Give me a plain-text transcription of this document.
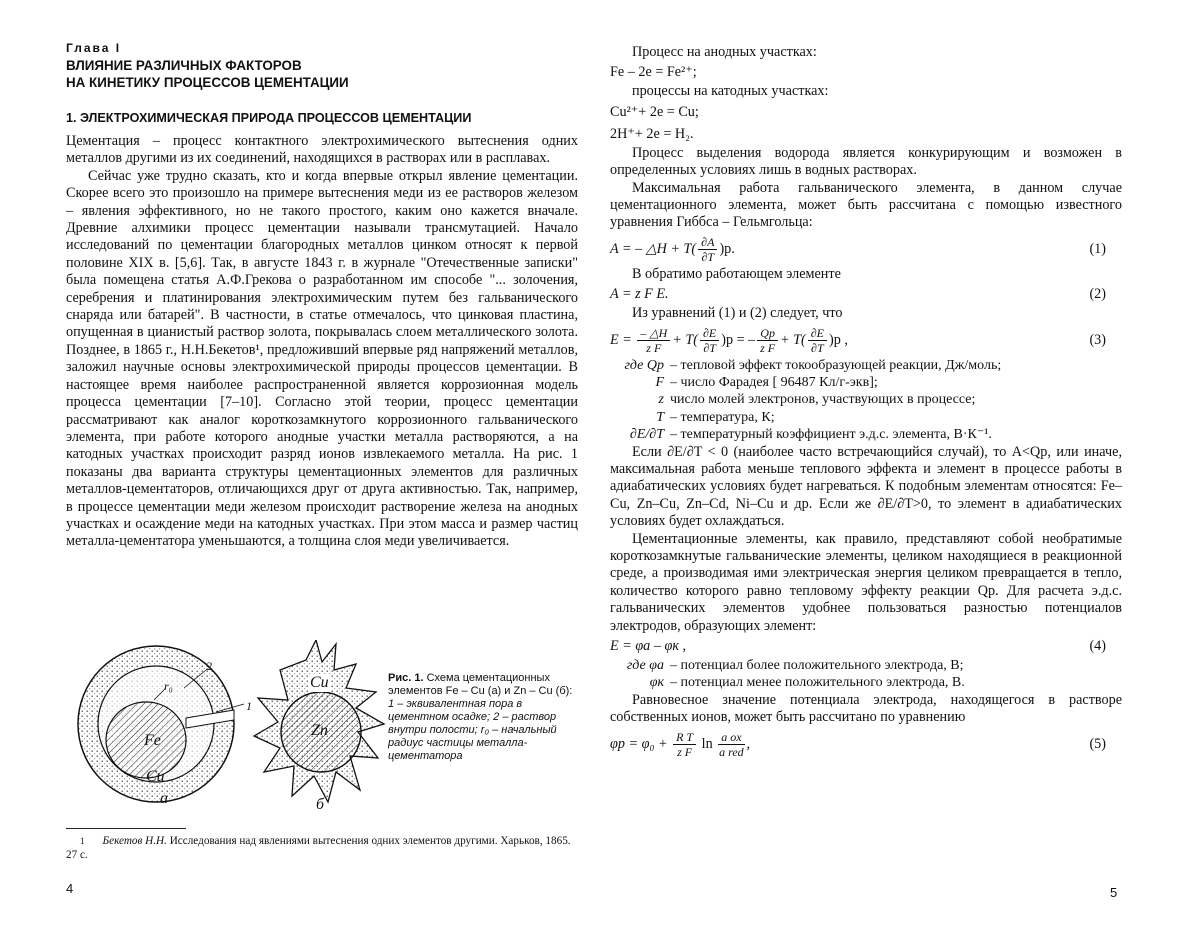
Глава I
ВЛИЯНИЕ РАЗЛИЧНЫХ ФАКТОРОВ
НА КИНЕТИКУ ПРОЦЕССОВ ЦЕМЕНТАЦИИ
1. ЭЛЕКТРОХИМИЧЕСКАЯ ПРИРОДА ПРОЦЕССОВ ЦЕМЕНТАЦИИ

Цементация – процесс контактного электрохимического вытеснения одних металлов другими из их соединений, находящихся в растворах или в расплавах.

Сейчас уже трудно сказать, кто и когда впервые открыл явление цементации. Скорее всего это произошло на примере вытеснения меди из ее растворов железом – явления эффективного, но не такого простого, каким оно кажется вначале. Древние алхимики процесс цементации называли трансмутацией. Начало исследований по цементации благородных металлов цинком относят к первой половине XIX в. [5,6]. Так, в августе 1843 г. в журнале "Отечественные записки" была помещена статья А.Ф.Грекова о разработанном им способе "... золочения, серебрения и платинирования электрохимическим путем без гальванического снаряда или батарей". В частности, в статье отмечалось, что цинковая пластина, опущенная в цианистый раствор золота, покрывалась слоем металлического золота. Позднее, в 1865 г., Н.Н.Бекетов¹, предложивший впервые ряд напряжений металлов, заложил научные основы электрохимической природы процессов цементации. В настоящее время наиболее распространенной является коррозионная модель процесса цементации [7–10]. Согласно этой теории, процесс цементации рассматривают как аналог короткозамкнутого коррозионного гальванического элемента, при работе которого анодные участки металла растворяются, а на катодных участках происходит разряд ионов извлекаемого металла. На рис. 1 показаны два варианта структуры цементационных элементов для различных металлов-цементаторов, отличающихся друг от друга активностью. Так, например, в процессе цементации меди железом происходит растворение железа на анодных участках и осаждение меди на катодных участках. При этом масса и размер частиц металла-цементатора уменьшаются, а толщина слоя меди увеличивается.

Fe
Cu
Zn
Cu
2
1
r₀
а	б
Рис. 1. Схема цементационных элементов Fe – Cu (а) и Zn – Cu (б): 1 – эквивалентная пора в цементном осадке; 2 – раствор внутри полости; r₀ – начальный радиус частицы металла-цементатора
$^1$ Бекетов Н.Н. Исследования над явлениями вытеснения одних элементов другими. Харьков, 1865. 27 с.
4

Процесс на анодных участках:

Fe – 2e = Fe²⁺;

процессы на катодных участках:

Cu²⁺+ 2e = Cu;
2H⁺+ 2e = H₂.

Процесс выделения водорода является конкурирующим и возможен в определенных условиях лишь в водных растворах.

Максимальная работа гальванического элемента, в данном случае цементационного элемента, может быть рассчитана с помощью известного уравнения Гиббса – Гельмгольца:

A = – △H + $T( \frac{\partial A}{\partial T} )p$.	(1)

В обратимо работающем элементе

A = z F E.	(2)

Из уравнений (1) и (2) следует, что

$E = \frac{- \triangle H}{\text{z F}} + T( \frac{\partial E}{\partial T} )p$ = – $\frac{Qp}{\text{z F}} + T( \frac{\partial E}{\partial T} )p$ ,	(3)
где Qp – тепловой эффект токообразующей реакции, Дж/моль;
F – число Фарадея [ 96487 Кл/г-экв];
z число молей электронов, участвующих в процессе;
T – температура, К;
∂E/∂T – температурный коэффициент э.д.с. элемента, В·К⁻¹.

Если ∂E/∂T < 0 (наиболее часто встречающийся случай), то A<Qp, или иначе, максимальная работа меньше теплового эффекта и элемент в процессе работы в адиабатических условиях будет нагреваться. К подобным элементам относятся: Fe–Cu, Zn–Cu, Zn–Cd, Ni–Cu и др. Если же ∂E/∂T>0, то элемент в адиабатических условиях будет охлаждаться.

Цементационные элементы, как правило, представляют собой необратимые короткозамкнутые гальванические элементы, целиком находящиеся в реакционной среде, а производимая ими электрическая энергия целиком превращается в тепло, количество которого равно тепловому эффекту реакции Qp. Для расчета э.д.с. гальванических элементов удобнее пользоваться разностью потенциалов электродов, образующих элемент:

E = φа – φк ,	(4)
где φа – потенциал более положительного электрода, В;
φк – потенциал менее положительного электрода, В.

Равновесное значение потенциала электрода, находящегося в растворе собственных ионов, может быть рассчитано по уравнению

$\varphi p = \varphi_0 + \frac{\text{R T}}{\text{z F}}$ $\ln \frac{\text{a ox}}{\text{a red}}$ ,	(5)
5
